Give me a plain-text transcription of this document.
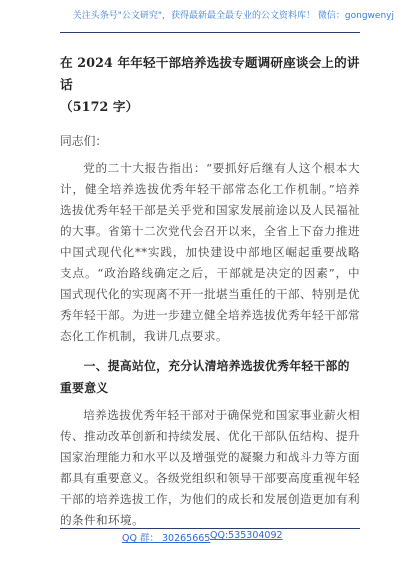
关注头条号"公文研究"，获得最新最全最专业的公文资料库！ 微信：gongwenyj
在 2024 年年轻干部培养选拔专题调研座谈会上的讲话
（5172 字）
同志们：

党的二十大报告指出：“要抓好后继有人这个根本大计，健全培养选拔优秀年轻干部常态化工作机制。”培养选拔优秀年轻干部是关乎党和国家发展前途以及人民福祉的大事。省第十二次党代会召开以来，全省上下奋力推进中国式现代化**实践，加快建设中部地区崛起重要战略支点。“政治路线确定之后，干部就是决定的因素”，中国式现代化的实现离不开一批堪当重任的干部、特别是优秀年轻干部。为进一步建立健全培养选拔优秀年轻干部常态化工作机制，我讲几点要求。

一、提高站位，充分认清培养选拔优秀年轻干部的重要意义

培养选拔优秀年轻干部对于确保党和国家事业薪火相传、推动改革创新和持续发展、优化干部队伍结构、提升国家治理能力和水平以及增强党的凝聚力和战斗力等方面都具有重要意义。各级党组织和领导干部要高度重视年轻干部的培养选拔工作，为他们的成长和发展创造更加有利的条件和环境。

QQ 群： 30265665 QQ:535304092
